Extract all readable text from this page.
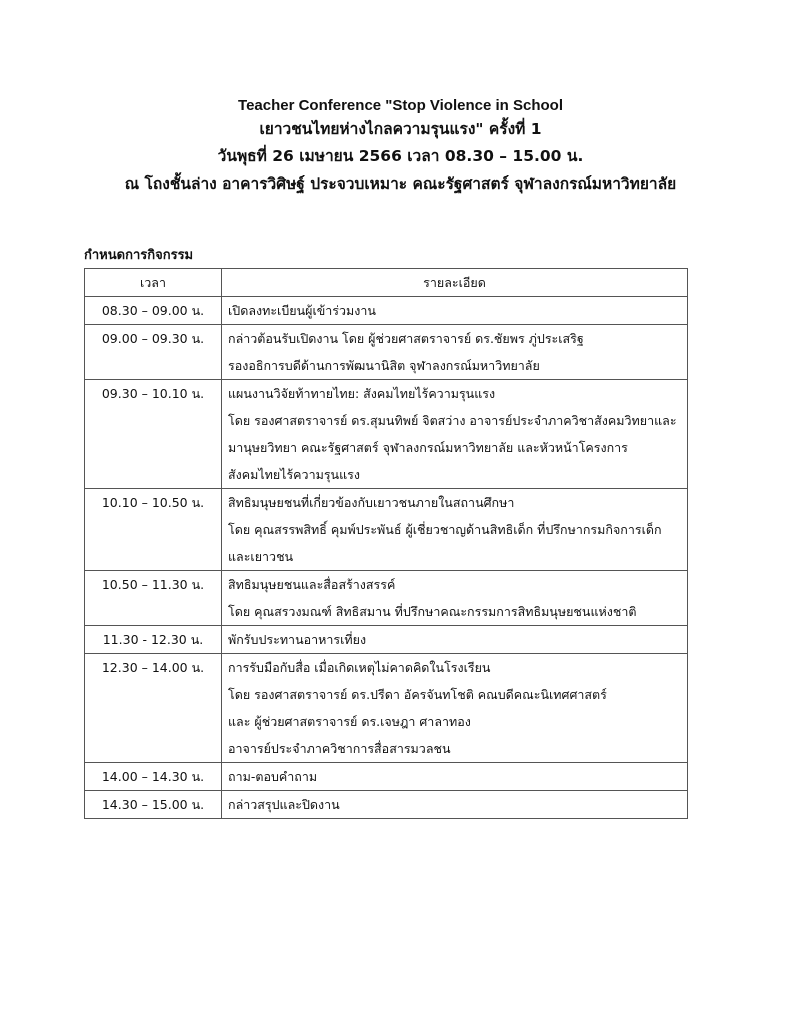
Teacher Conference "Stop Violence in School
เยาวชนไทยห่างไกลความรุนแรง" ครั้งที่ 1
วันพุธที่ 26 เมษายน 2566 เวลา 08.30 – 15.00 น.
ณ โถงชั้นล่าง อาคารวิศิษฐ์ ประจวบเหมาะ คณะรัฐศาสตร์ จุฬาลงกรณ์มหาวิทยาลัย
กำหนดการกิจกรรม
เวลา	รายละเอียด
08.30 – 09.00 น.	เปิดลงทะเบียนผู้เข้าร่วมงาน

09.00 – 09.30 น.	กล่าวต้อนรับเปิดงาน โดย ผู้ช่วยศาสตราจารย์ ดร.ชัยพร ภู่ประเสริฐ
รองอธิการบดีด้านการพัฒนานิสิต จุฬาลงกรณ์มหาวิทยาลัย

09.30 – 10.10 น.	แผนงานวิจัยท้าทายไทย: สังคมไทยไร้ความรุนแรง
โดย รองศาสตราจารย์ ดร.สุมนทิพย์ จิตสว่าง อาจารย์ประจำภาควิชาสังคมวิทยาและ
มานุษยวิทยา คณะรัฐศาสตร์ จุฬาลงกรณ์มหาวิทยาลัย และหัวหน้าโครงการ
สังคมไทยไร้ความรุนแรง

10.10 – 10.50 น.	สิทธิมนุษยชนที่เกี่ยวข้องกับเยาวชนภายในสถานศึกษา
โดย คุณสรรพสิทธิ์ คุมพ์ประพันธ์ ผู้เชี่ยวชาญด้านสิทธิเด็ก ที่ปรึกษากรมกิจการเด็ก
และเยาวชน

10.50 – 11.30 น.	สิทธิมนุษยชนและสื่อสร้างสรรค์
โดย คุณสรวงมณฑ์ สิทธิสมาน ที่ปรึกษาคณะกรรมการสิทธิมนุษยชนแห่งชาติ

11.30 - 12.30 น.	พักรับประทานอาหารเที่ยง

12.30 – 14.00 น.	การรับมือกับสื่อ เมื่อเกิดเหตุไม่คาดคิดในโรงเรียน
โดย รองศาสตราจารย์ ดร.ปรีดา อัครจันทโชติ คณบดีคณะนิเทศศาสตร์
และ ผู้ช่วยศาสตราจารย์ ดร.เจษฎา ศาลาทอง
อาจารย์ประจำภาควิชาการสื่อสารมวลชน

14.00 – 14.30 น.	ถาม-ตอบคำถาม

14.30 – 15.00 น.	กล่าวสรุปและปิดงาน
